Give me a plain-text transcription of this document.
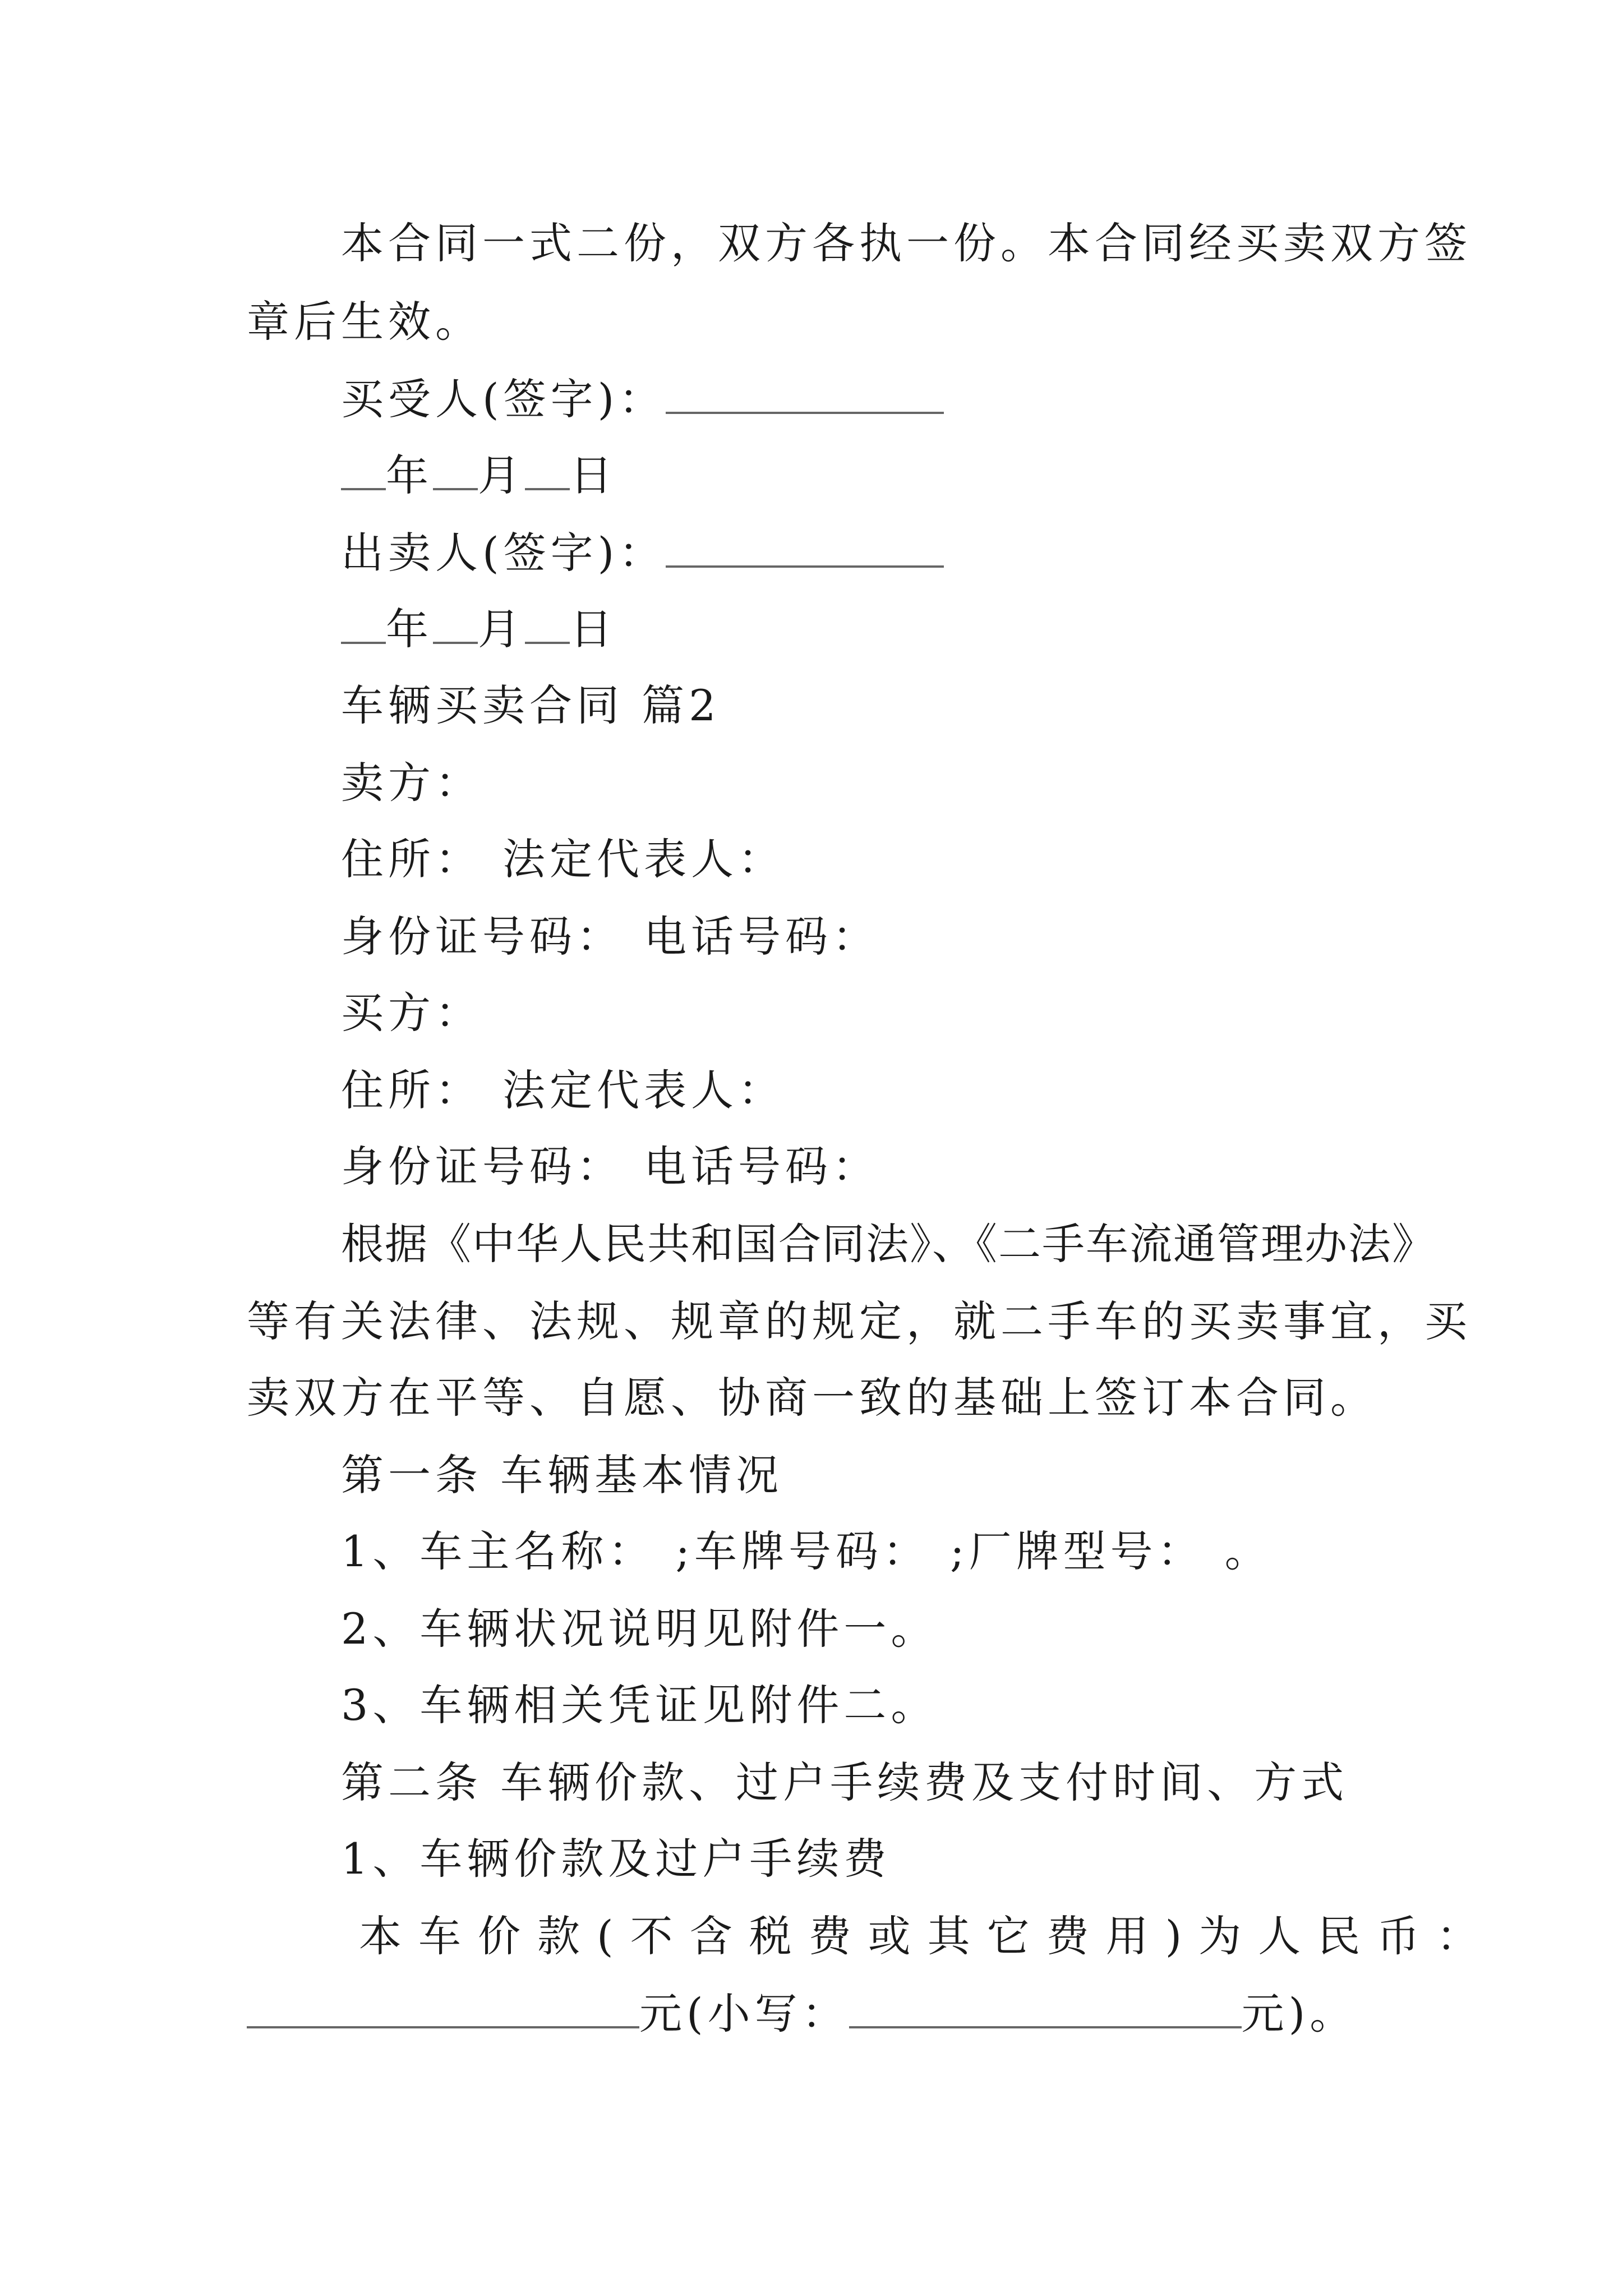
本合同一式二份，双方各执一份。本合同经买卖双方签
章后生效。
买受人(签字)：
年 月 日
出卖人(签字)：
年 月 日
车辆买卖合同 篇2
卖方：
住所： 法定代表人：
身份证号码： 电话号码：
买方：
住所： 法定代表人：
身份证号码： 电话号码：
根据《中华人民共和国合同法》、《二手车流通管理办法》
等有关法律、法规、规章的规定，就二手车的买卖事宜，买
卖双方在平等、自愿、协商一致的基础上签订本合同。
第一条 车辆基本情况
1、车主名称： ;车牌号码： ;厂牌型号： 。
2、车辆状况说明见附件一。
3、车辆相关凭证见附件二。
第二条 车辆价款、过户手续费及支付时间、方式
1、车辆价款及过户手续费
本车价款(不含税费或其它费用)为人民币：
元(小写：	元)。
